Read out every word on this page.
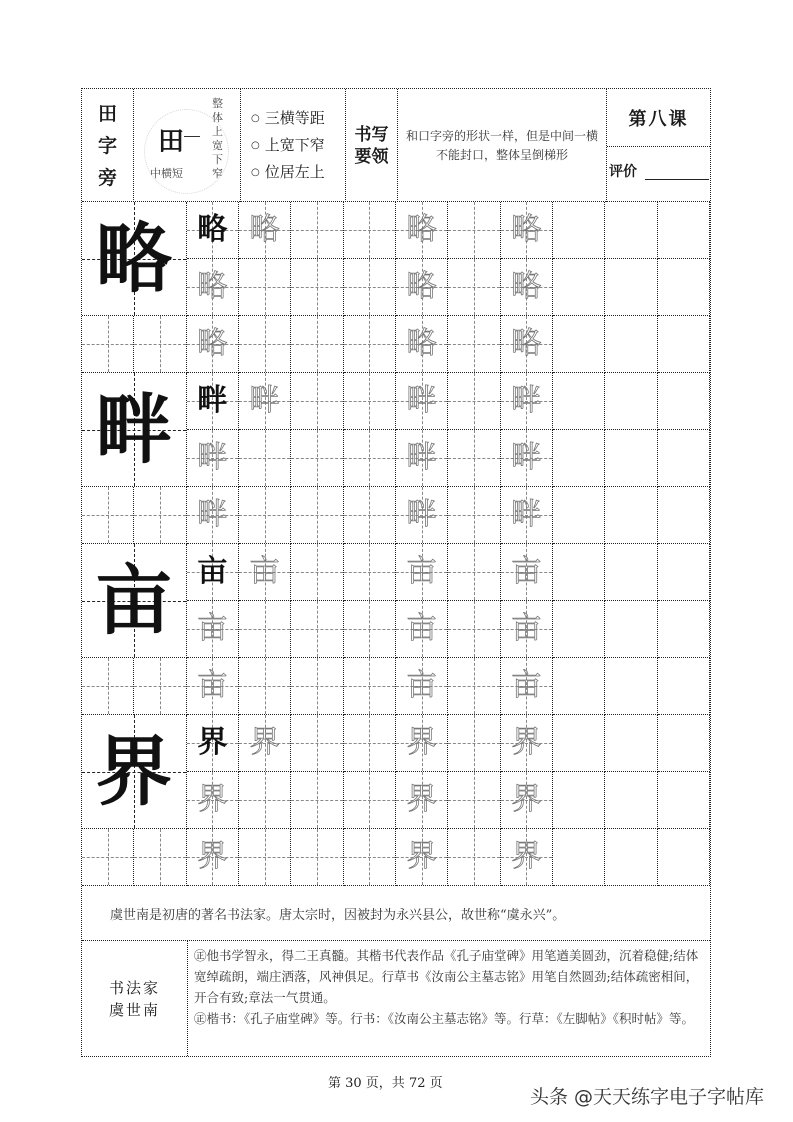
田
字
旁
田
整体上宽下窄
中横短
○ 三横等距
○ 上宽下窄
○ 位居左上
书写
要领

和口字旁的形状一样，但是中间一横不能封口，整体呈倒梯形

第八课
评价
略 略 略	略 略
略	略 略
略	略 略
畔 畔 畔	畔 畔
畔	畔 畔
畔	畔 畔
亩 亩 亩	亩 亩
亩	亩 亩
亩	亩 亩
界 界 界	界 界
界	界 界
界	界 界

虞世南是初唐的著名书法家。唐太宗时，因被封为永兴县公，故世称“虞永兴”。

书法家
虞世南
㊣他书学智永，得二王真髓。其楷书代表作品《孔子庙堂碑》用笔遒美圆劲，沉着稳健;结体宽绰疏朗，端庄洒落，风神俱足。行草书《汝南公主墓志铭》用笔自然圆劲;结体疏密相间，开合有致;章法一气贯通。
㊣楷书：《孔子庙堂碑》等。行书：《汝南公主墓志铭》等。行草：《左脚帖》《积时帖》等。
第 30 页，共 72 页
头条 @天天练字电子字帖库
